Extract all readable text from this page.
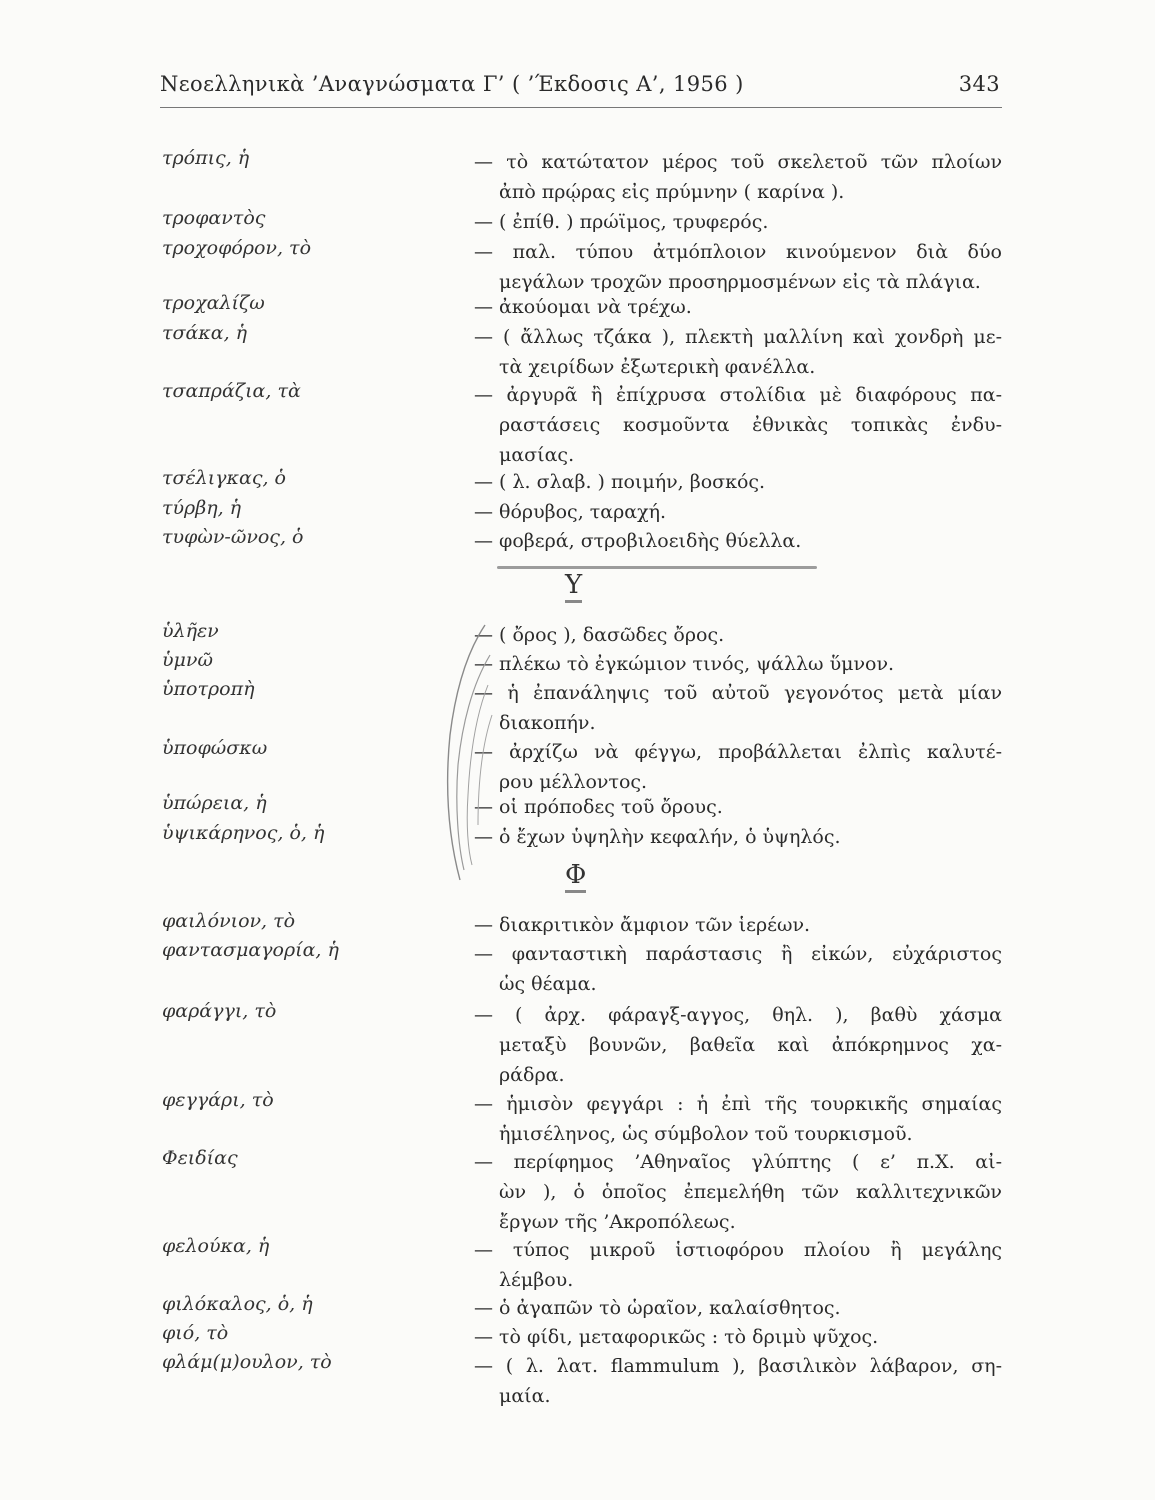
Νεοελληνικὰ ’Αναγνώσματα Γ’ ( ’Έκδοσις Α’, 1956 )	343
τρόπις, ἡ	— τὸ κατώτατον μέρος τοῦ σκελετοῦ τῶν πλοίων
ἀπὸ πρῴρας εἰς πρύμνην ( καρίνα ).
τροφαντὸς	— ( ἐπίθ. ) πρώϊμος, τρυφερός.
τροχοφόρον, τὸ	— παλ. τύπου ἀτμόπλοιον κινούμενον διὰ δύο
μεγάλων τροχῶν προσηρμοσμένων εἰς τὰ πλάγια.
τροχαλίζω	— ἀκούομαι νὰ τρέχω.
τσάκα, ἡ	— ( ἄλλως τζάκα ), πλεκτὴ μαλλίνη καὶ χονδρὴ με-
τὰ χειρίδων ἐξωτερικὴ φανέλλα.
τσαπράζια, τὰ	— ἀργυρᾶ ἢ ἐπίχρυσα στολίδια μὲ διαφόρους πα-
ραστάσεις κοσμοῦντα ἐθνικὰς τοπικὰς ἐνδυ-
μασίας.
τσέλιγκας, ὁ	— ( λ. σλαβ. ) ποιμήν, βοσκός.
τύρβη, ἡ	— θόρυβος, ταραχή.
τυφὼν-ῶνος, ὁ	— φοβερά, στροβιλοειδὴς θύελλα.
Υ
ὑλῆεν	— ( ὄρος ), δασῶδες ὄρος.
ὑμνῶ	— πλέκω τὸ ἐγκώμιον τινός, ψάλλω ὕμνον.
ὑποτροπὴ	— ἡ ἐπανάληψις τοῦ αὐτοῦ γεγονότος μετὰ μίαν
διακοπήν.
ὑποφώσκω	— ἀρχίζω νὰ φέγγω, προβάλλεται ἐλπὶς καλυτέ-
ρου μέλλοντος.
ὑπώρεια, ἡ	— οἱ πρόποδες τοῦ ὄρους.
ὑψικάρηνος, ὁ, ἡ	— ὁ ἔχων ὑψηλὴν κεφαλήν, ὁ ὑψηλός.
Φ
φαιλόνιον, τὸ	— διακριτικὸν ἄμφιον τῶν ἱερέων.
φαντασμαγορία, ἡ	— φανταστικὴ παράστασις ἢ εἰκών, εὐχάριστος
ὡς θέαμα.
φαράγγι, τὸ	— ( ἀρχ. φάραγξ-αγγος, θηλ. ), βαθὺ χάσμα
μεταξὺ βουνῶν, βαθεῖα καὶ ἀπόκρημνος χα-
ράδρα.
φεγγάρι, τὸ	— ἡμισὸν φεγγάρι : ἡ ἐπὶ τῆς τουρκικῆς σημαίας
ἡμισέληνος, ὡς σύμβολον τοῦ τουρκισμοῦ.
Φειδίας	— περίφημος ’Αθηναῖος γλύπτης ( ε’ π.Χ. αἰ-
ὼν ), ὁ ὁποῖος ἐπεμελήθη τῶν καλλιτεχνικῶν
ἔργων τῆς ’Ακροπόλεως.
φελούκα, ἡ	— τύπος μικροῦ ἱστιοφόρου πλοίου ἢ μεγάλης
λέμβου.
φιλόκαλος, ὁ, ἡ	— ὁ ἀγαπῶν τὸ ὡραῖον, καλαίσθητος.
φιό, τὸ	— τὸ φίδι, μεταφορικῶς : τὸ δριμὺ ψῦχος.
φλάμ(μ)ουλον, τὸ	— ( λ. λατ. flammulum ), βασιλικὸν λάβαρον, ση-
μαία.
